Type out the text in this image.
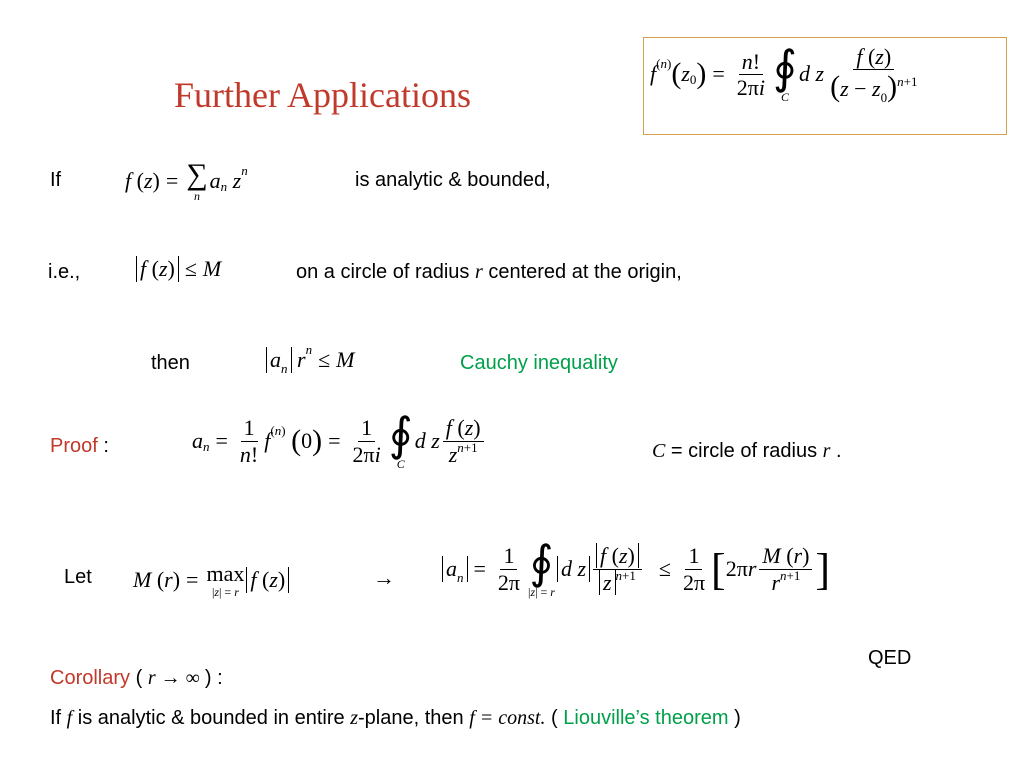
Further Applications
f (n) ( z 0 ) = $\frac{n!}{2\pi i}$ ∮
C
d z $\frac{f (z)}{(z - z_0)^{n+1}}$
If	f ( z ) = ∑
n
a n
z n	is analytic & bounded,
i.e.,	f (z) ≤ M	on a circle of radius r centered at the origin,
then	$a_n$
r n ≤ M	Cauchy inequality
Proof :	a $n = \frac{1}{n!}$ f (n)
( 0 ) = $\frac{1}{2\pi i}$ ∮
C
d z $\frac{f (z)}{z^{n+1}}$	C = circle of radius r .
Let M ( r ) = max
|z| = r f (z)	→ $a_n = \frac{1}{2\pi}$ ∮
|z| = r
d z $\frac{f (z)}{z ^{n+1}} \le \frac{1}{2\pi}$ [ 2π r $\frac{M (r)}{r^{n+1}}$ ]
QED
Corollary ( r → ∞ ) :
If f is analytic & bounded in entire z-plane, then f = const. ( Liouville’s theorem )
